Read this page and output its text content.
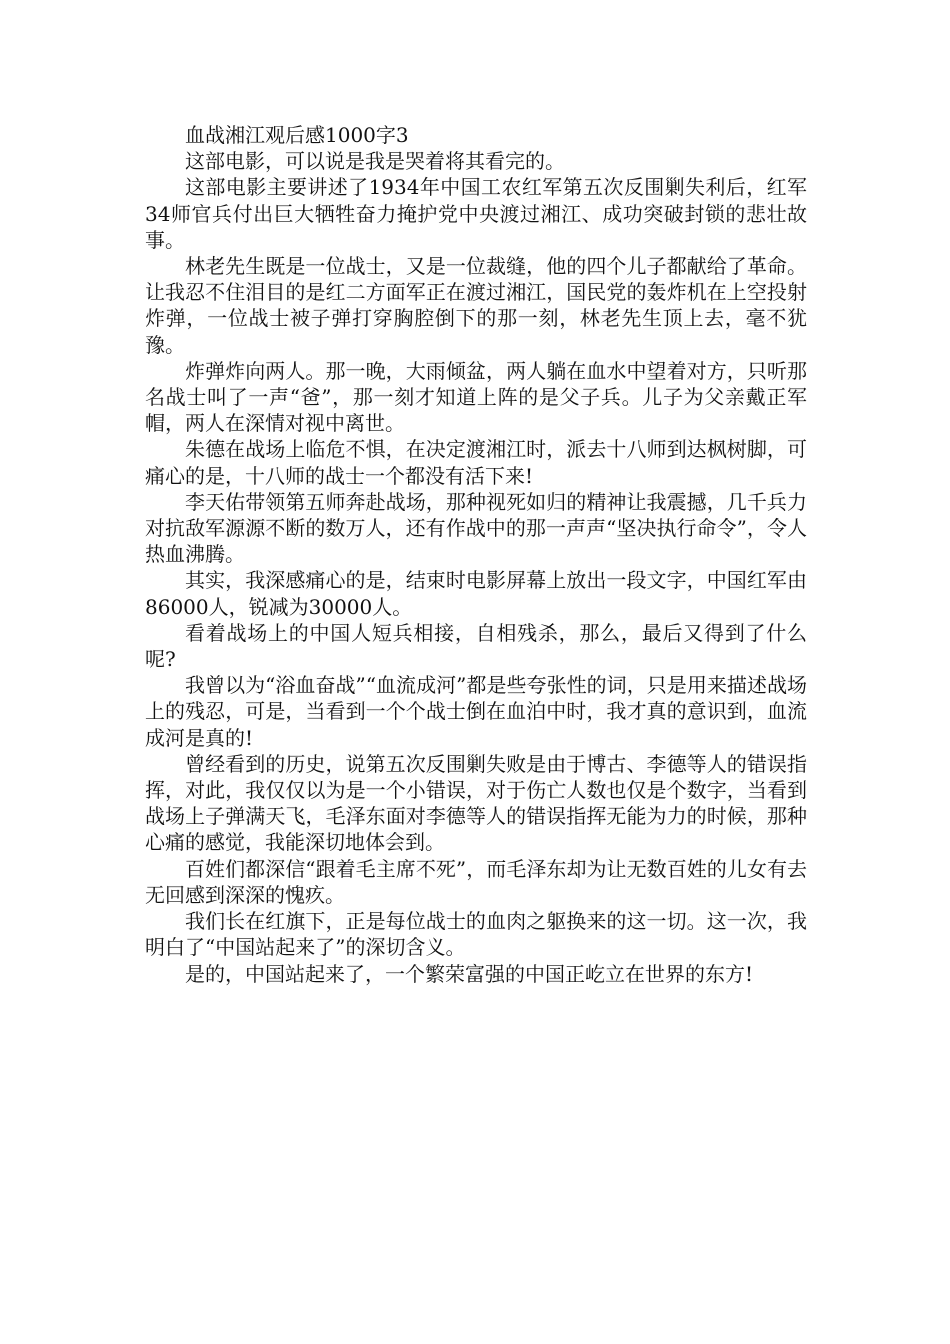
血战湘江观后感1000字3

这部电影，可以说是我是哭着将其看完的。

这部电影主要讲述了1934年中国工农红军第五次反围剿失利后，红军34师官兵付出巨大牺牲奋力掩护党中央渡过湘江、成功突破封锁的悲壮故事。

林老先生既是一位战士，又是一位裁缝，他的四个儿子都献给了革命。让我忍不住泪目的是红二方面军正在渡过湘江，国民党的轰炸机在上空投射炸弹，一位战士被子弹打穿胸腔倒下的那一刻，林老先生顶上去，毫不犹豫。

炸弹炸向两人。那一晚，大雨倾盆，两人躺在血水中望着对方，只听那名战士叫了一声“爸”，那一刻才知道上阵的是父子兵。儿子为父亲戴正军帽，两人在深情对视中离世。

朱德在战场上临危不惧，在决定渡湘江时，派去十八师到达枫树脚，可痛心的是，十八师的战士一个都没有活下来!

李天佑带领第五师奔赴战场，那种视死如归的精神让我震撼，几千兵力对抗敌军源源不断的数万人，还有作战中的那一声声“坚决执行命令”，令人热血沸腾。

其实，我深感痛心的是，结束时电影屏幕上放出一段文字，中国红军由86000人，锐减为30000人。

看着战场上的中国人短兵相接，自相残杀，那么，最后又得到了什么呢?

我曾以为“浴血奋战”“血流成河”都是些夸张性的词，只是用来描述战场上的残忍，可是，当看到一个个战士倒在血泊中时，我才真的意识到，血流成河是真的!

曾经看到的历史，说第五次反围剿失败是由于博古、李德等人的错误指挥，对此，我仅仅以为是一个小错误，对于伤亡人数也仅是个数字，当看到战场上子弹满天飞，毛泽东面对李德等人的错误指挥无能为力的时候，那种心痛的感觉，我能深切地体会到。

百姓们都深信“跟着毛主席不死”，而毛泽东却为让无数百姓的儿女有去无回感到深深的愧疚。

我们长在红旗下，正是每位战士的血肉之躯换来的这一切。这一次，我明白了“中国站起来了”的深切含义。

是的，中国站起来了，一个繁荣富强的中国正屹立在世界的东方!
